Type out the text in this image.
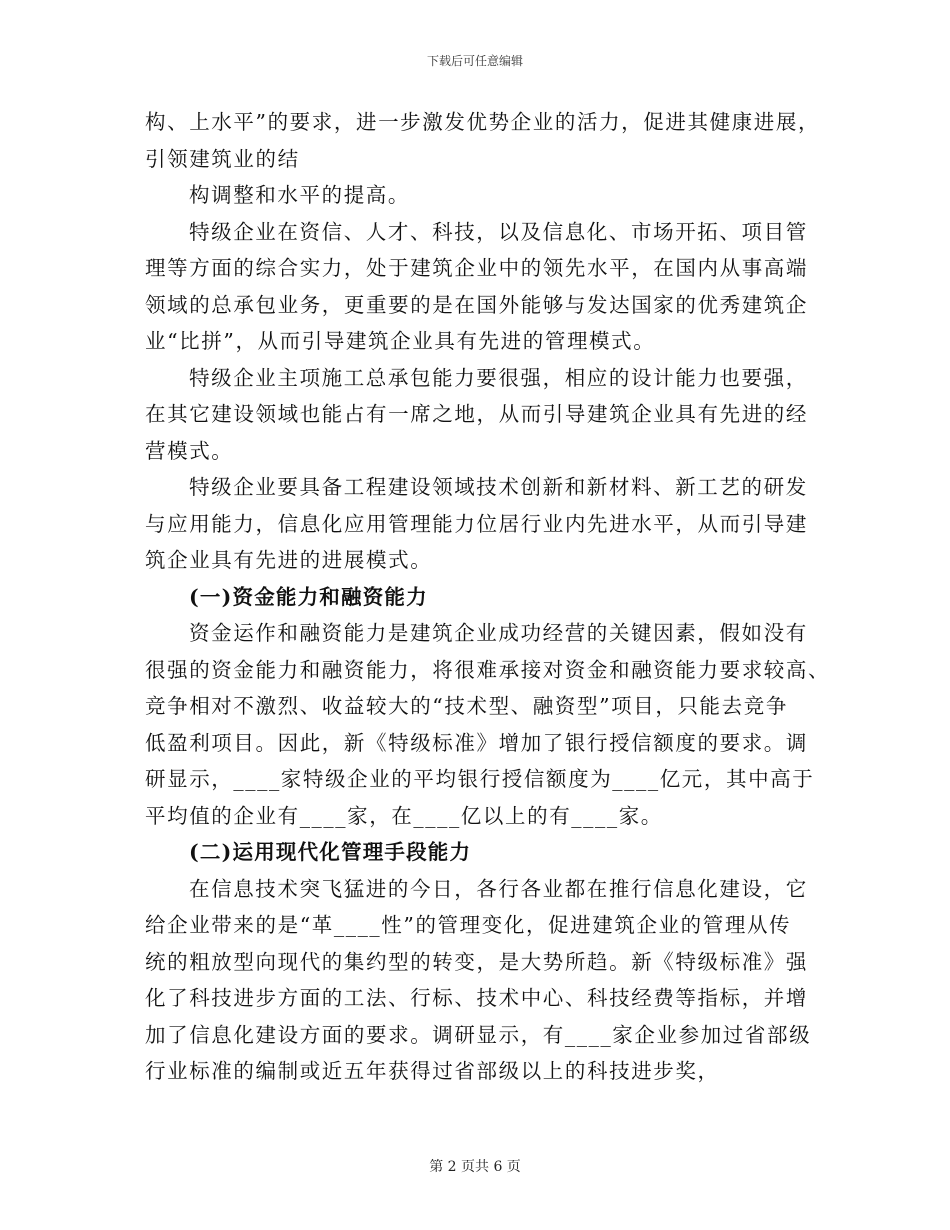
下载后可任意编辑

构、上水平”的要求，进一步激发优势企业的活力，促进其健康进展，
引领建筑业的结

构调整和水平的提高。

特级企业在资信、人才、科技，以及信息化、市场开拓、项目管
理等方面的综合实力，处于建筑企业中的领先水平，在国内从事高端
领域的总承包业务，更重要的是在国外能够与发达国家的优秀建筑企
业“比拼”，从而引导建筑企业具有先进的管理模式。

特级企业主项施工总承包能力要很强，相应的设计能力也要强，
在其它建设领域也能占有一席之地，从而引导建筑企业具有先进的经
营模式。

特级企业要具备工程建设领域技术创新和新材料、新工艺的研发
与应用能力，信息化应用管理能力位居行业内先进水平，从而引导建
筑企业具有先进的进展模式。

(一)资金能力和融资能力

资金运作和融资能力是建筑企业成功经营的关键因素，假如没有
很强的资金能力和融资能力，将很难承接对资金和融资能力要求较高、
竞争相对不激烈、收益较大的“技术型、融资型”项目，只能去竞争
低盈利项目。因此，新《特级标准》增加了银行授信额度的要求。调
研显示，____家特级企业的平均银行授信额度为____亿元，其中高于
平均值的企业有____家，在____亿以上的有____家。

(二)运用现代化管理手段能力

在信息技术突飞猛进的今日，各行各业都在推行信息化建设，它
给企业带来的是“革____性”的管理变化，促进建筑企业的管理从传
统的粗放型向现代的集约型的转变，是大势所趋。新《特级标准》强
化了科技进步方面的工法、行标、技术中心、科技经费等指标，并增
加了信息化建设方面的要求。调研显示，有____家企业参加过省部级
行业标准的编制或近五年获得过省部级以上的科技进步奖，

第 2 页共 6 页
